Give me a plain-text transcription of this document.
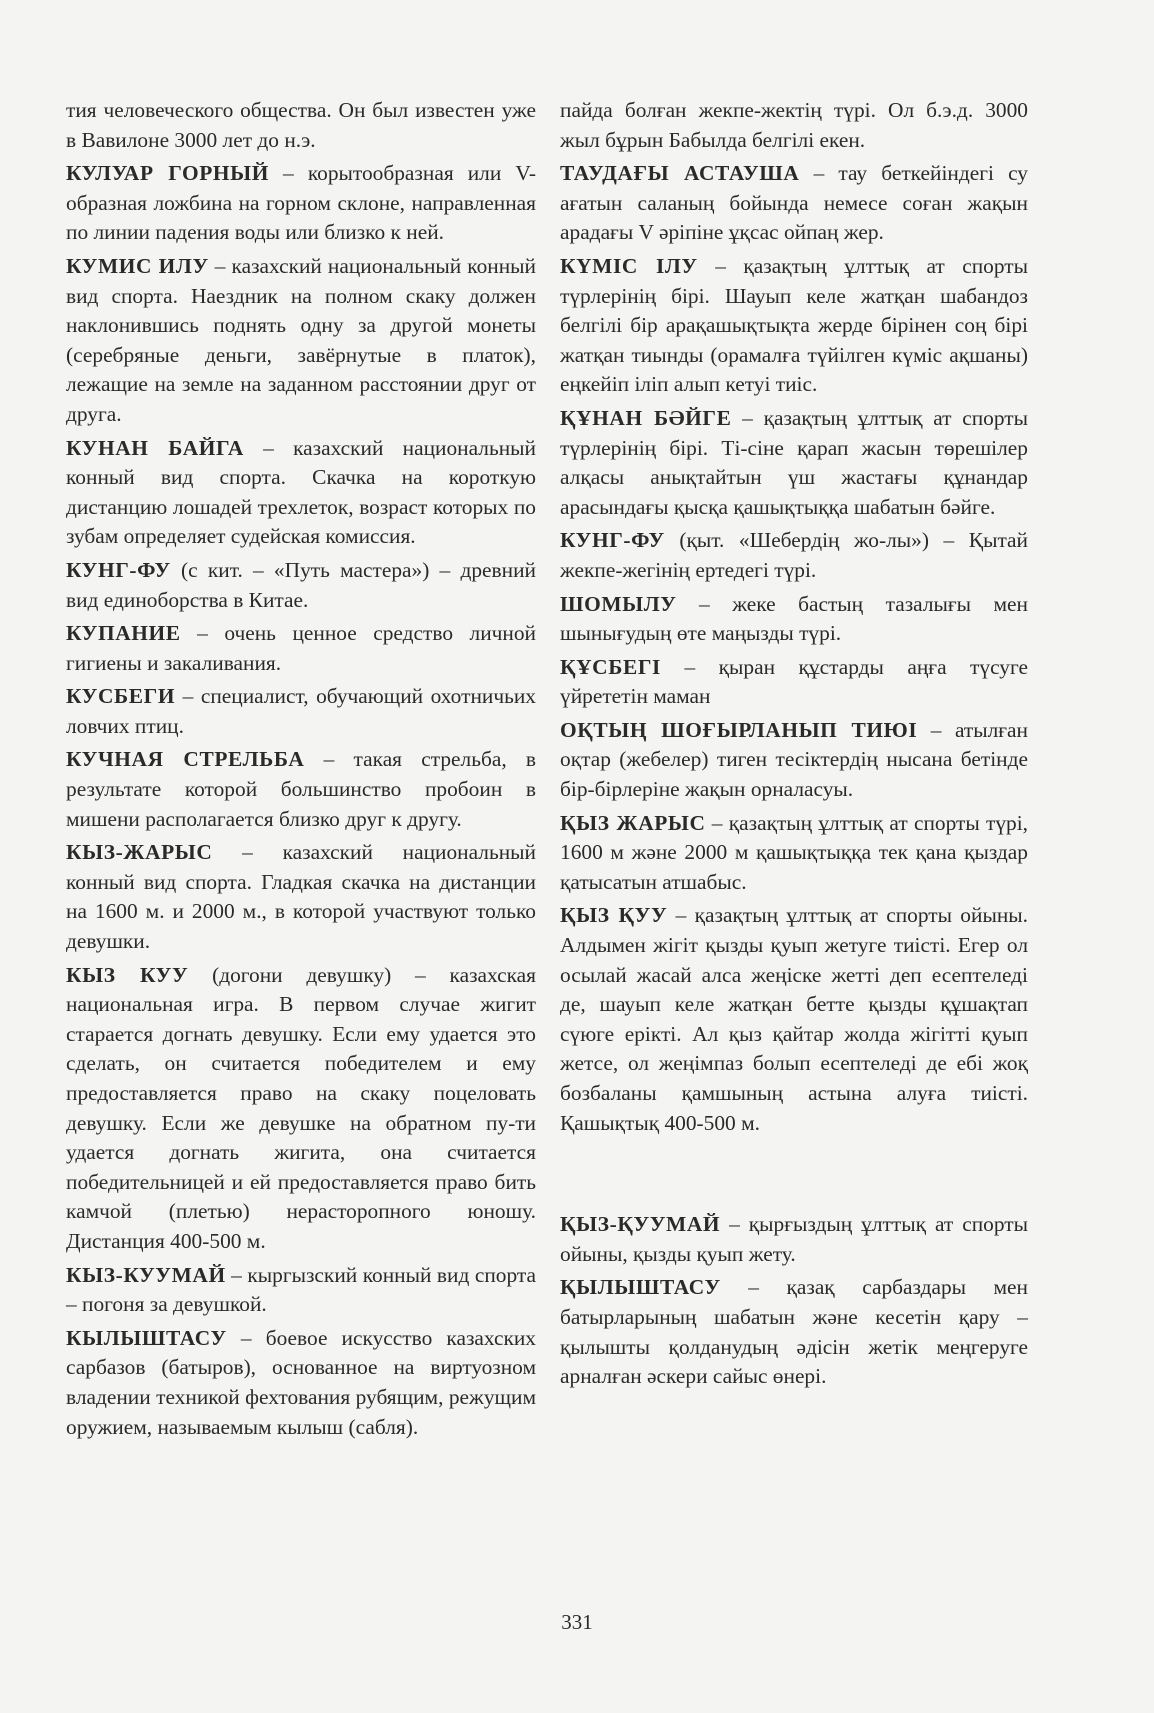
тия человеческого общества. Он был известен уже в Вавилоне 3000 лет до н.э.

КУЛУАР ГОРНЫЙ – корытообразная или V-образная ложбина на горном склоне, направленная по линии падения воды или близко к ней.

КУМИС ИЛУ – казахский национальный конный вид спорта. Наездник на полном скаку должен наклонившись поднять одну за другой монеты (серебряные деньги, завёрнутые в платок), лежащие на земле на заданном расстоянии друг от друга.

КУНАН БАЙГА – казахский национальный конный вид спорта. Скачка на короткую дистанцию лошадей трехлеток, возраст которых по зубам определяет судейская комиссия.

КУНГ-ФУ (с кит. – «Путь мастера») – древний вид единоборства в Китае.

КУПАНИЕ – очень ценное средство личной гигиены и закаливания.

КУСБЕГИ – специалист, обучающий охотничьих ловчих птиц.

КУЧНАЯ СТРЕЛЬБА – такая стрельба, в результате которой большинство пробоин в мишени располагается близко друг к другу.

КЫЗ-ЖАРЫС – казахский национальный конный вид спорта. Гладкая скачка на дистанции на 1600 м. и 2000 м., в которой участвуют только девушки.

КЫЗ КУУ (догони девушку) – казахская национальная игра. В первом случае жигит старается догнать девушку. Если ему удается это сделать, он считается победителем и ему предоставляется право на скаку поцеловать девушку. Если же девушке на обратном пу-ти удается догнать жигита, она считается победительницей и ей предоставляется право бить камчой (плетью) нерасторопного юношу. Дистанция 400-500 м.

КЫЗ-КУУМАЙ – кыргызский конный вид спорта – погоня за девушкой.

КЫЛЫШТАСУ – боевое искусство казахских сарбазов (батыров), основанное на виртуозном владении техникой фехтования рубящим, режущим оружием, называемым кылыш (сабля).

пайда болған жекпе-жектің түрі. Ол б.э.д. 3000 жыл бұрын Бабылда белгілі екен.

ТАУДАҒЫ АСТАУША – тау беткейіндегі су ағатын саланың бойында немесе соған жақын арадағы V әріпіне ұқсас ойпаң жер.

КҮМІС ІЛУ – қазақтың ұлттық ат спорты түрлерінің бірі. Шауып келе жатқан шабандоз белгілі бір арақашықтықта жерде бірінен соң бірі жатқан тиынды (орамалға түйілген күміс ақшаны) еңкейіп іліп алып кетуі тиіс.

ҚҰНАН БӘЙГЕ – қазақтың ұлттық ат спорты түрлерінің бірі. Ті-сіне қарап жасын төрешілер алқасы анықтайтын үш жастағы құнандар арасындағы қысқа қашықтыққа шабатын бәйге.

КУНГ-ФУ (қыт. «Шебердің жо-лы») – Қытай жекпе-жегінің ертедегі түрі.

ШОМЫЛУ – жеке бастың тазалығы мен шынығудың өте маңызды түрі.

ҚҰСБЕГІ – қыран құстарды аңға түсуге үйрететін маман

ОҚТЫҢ ШОҒЫРЛАНЫП ТИЮІ – атылған оқтар (жебелер) тиген тесіктердің нысана бетінде бір-бірлеріне жақын орналасуы.

ҚЫЗ ЖАРЫС – қазақтың ұлттық ат спорты түрі, 1600 м және 2000 м қашықтыққа тек қана қыздар қатысатын атшабыс.

ҚЫЗ ҚУУ – қазақтың ұлттық ат спорты ойыны. Алдымен жігіт қызды қуып жетуге тиісті. Егер ол осылай жасай алса жеңіске жетті деп есептеледі де, шауып келе жатқан бетте қызды құшақтап сүюге ерікті. Ал қыз қайтар жолда жігітті қуып жетсе, ол жеңімпаз болып есептеледі де ебі жоқ бозбаланы қамшының астына алуға тиісті. Қашықтық 400-500 м.

ҚЫЗ-ҚУУМАЙ – қырғыздың ұлттық ат спорты ойыны, қызды қуып жету.

ҚЫЛЫШТАСУ – қазақ сарбаздары мен батырларының шабатын және кесетін қару – қылышты қолданудың әдісін жетік меңгеруге арналған әскери сайыс өнері.

331
